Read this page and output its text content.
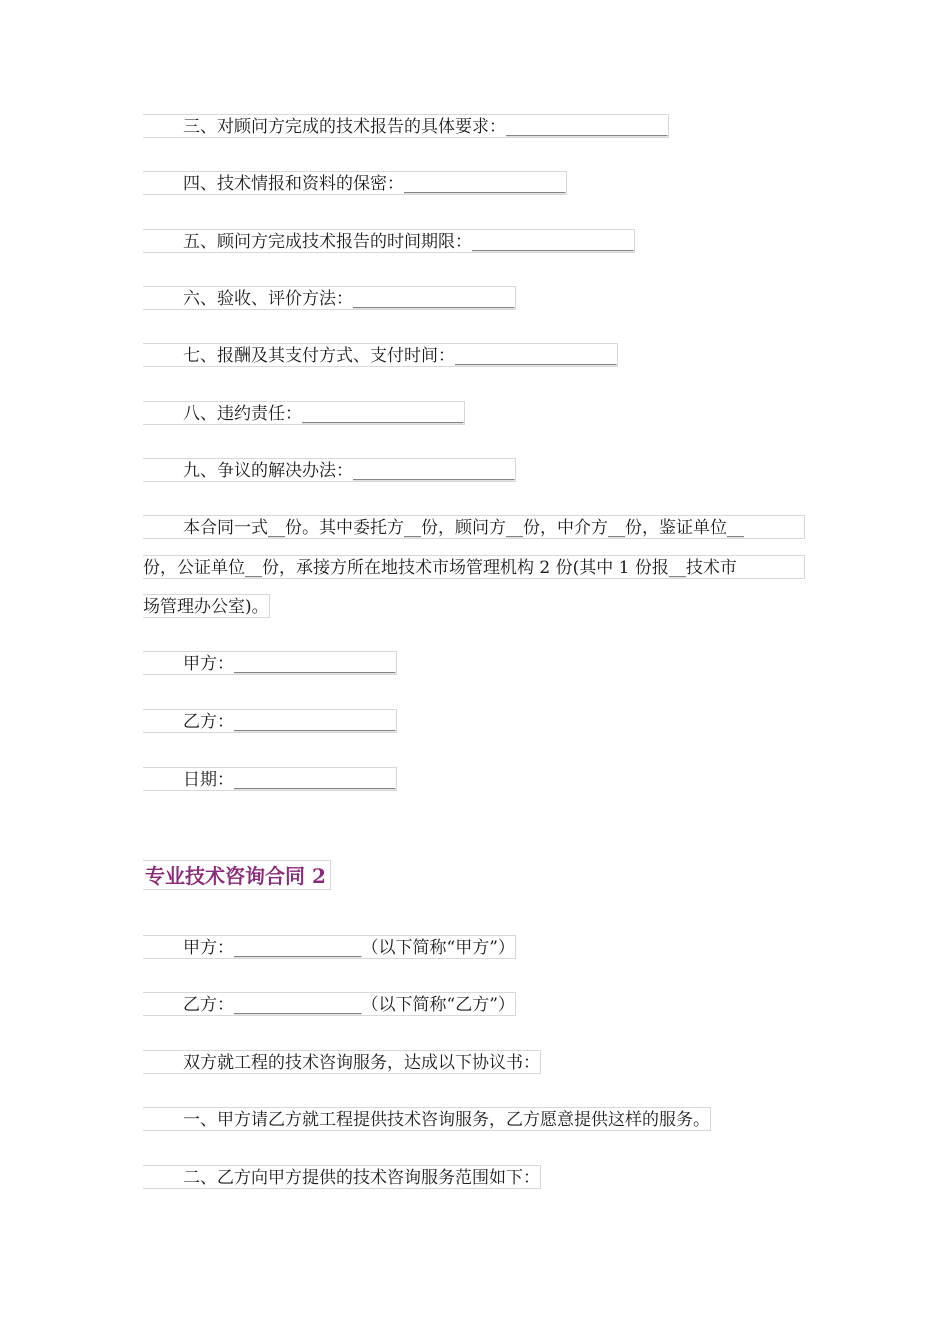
三、对顾问方完成的技术报告的具体要求：___________________
四、技术情报和资料的保密：___________________
五、顾问方完成技术报告的时间期限：___________________
六、验收、评价方法：___________________
七、报酬及其支付方式、支付时间：___________________
八、违约责任：___________________
九、争议的解决办法：___________________
本合同一式__份。其中委托方__份，顾问方__份，中介方__份，鉴证单位__
份，公证单位__份，承接方所在地技术市场管理机构 2 份(其中 1 份报__技术市
场管理办公室)。
甲方：___________________
乙方：___________________
日期：___________________
专业技术咨询合同 2
甲方：_______________（以下简称“甲方”）
乙方：_______________（以下简称“乙方”）
双方就工程的技术咨询服务，达成以下协议书：
一、甲方请乙方就工程提供技术咨询服务，乙方愿意提供这样的服务。
二、乙方向甲方提供的技术咨询服务范围如下：
